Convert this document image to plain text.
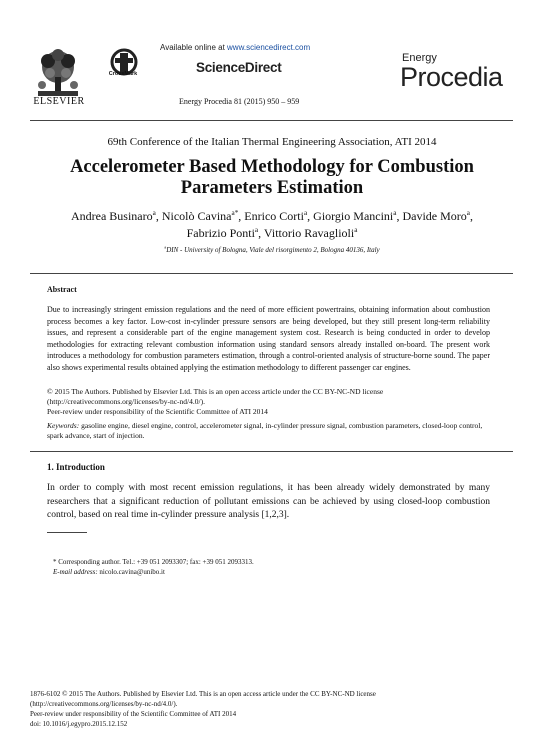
ELSEVIER
CrossMark
Available online at www.sciencedirect.com
ScienceDirect
Energy Procedia 81 (2015) 950 – 959
Energy
Procedia
69th Conference of the Italian Thermal Engineering Association, ATI 2014
Accelerometer Based Methodology for Combustion
Parameters Estimation
Andrea Businaro$^a$, Nicolò Cavina$^{a*}$, Enrico Corti$^a$, Giorgio Mancini$^a$, Davide Moro$^a$,
Fabrizio Ponti$^a$, Vittorio Ravaglioli$^a$
$^a$DIN - University of Bologna, Viale del risorgimento 2, Bologna 40136, Italy
Abstract
Due to increasingly stringent emission regulations and the need of more efficient powertrains, obtaining information about combustion process becomes a key factor. Low-cost in-cylinder pressure sensors are being developed, but they still present long-term reliability issues, and represent a considerable part of the engine management system cost. Research is being conducted in order to develop methodologies for extracting relevant combustion information using standard sensors already installed on-board. The present work introduces a methodology for combustion parameters estimation, through a control-oriented analysis of structure-borne sound. The paper also shows experimental results obtained applying the estimation methodology to different passenger car engines.
© 2015 The Authors. Published by Elsevier Ltd. This is an open access article under the CC BY-NC-ND license
(http://creativecommons.org/licenses/by-nc-nd/4.0/).
Peer-review under responsibility of the Scientific Committee of ATI 2014
Keywords: gasoline engine, diesel engine, control, accelerometer signal, in-cylinder pressure signal, combustion parameters, closed-loop control, spark advance, start of injection.
1. Introduction
In order to comply with most recent emission regulations, it has been already widely demonstrated by many researchers that a significant reduction of pollutant emissions can be achieved by using closed-loop combustion control, based on real time in-cylinder pressure analysis [1,2,3].
* Corresponding author. Tel.: +39 051 2093307; fax: +39 051 2093313.
E-mail address: nicolo.cavina@unibo.it
1876-6102 © 2015 The Authors. Published by Elsevier Ltd. This is an open access article under the CC BY-NC-ND license
(http://creativecommons.org/licenses/by-nc-nd/4.0/).
Peer-review under responsibility of the Scientific Committee of ATI 2014
doi: 10.1016/j.egypro.2015.12.152
